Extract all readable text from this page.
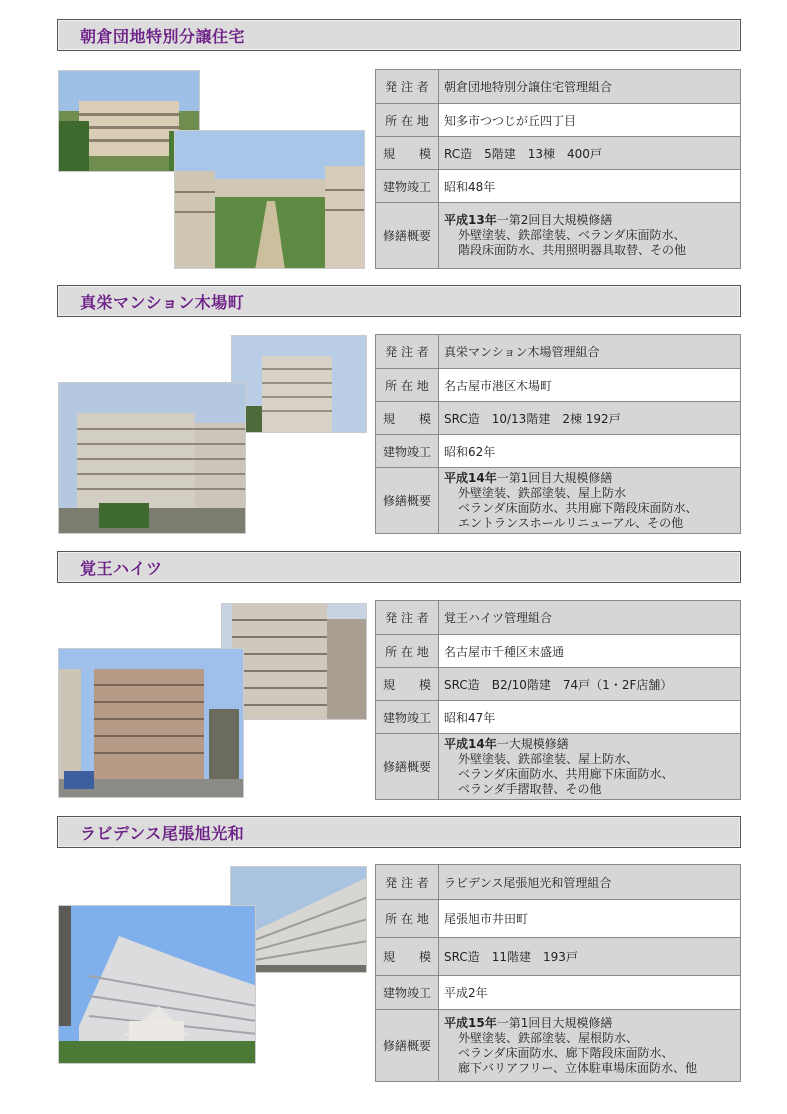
朝倉団地特別分譲住宅
発 注 者	朝倉団地特別分譲住宅管理組合
所 在 地	知多市つつじが丘四丁目
規　　模	RC造　5階建　13棟　400戸
建物竣工	昭和48年
修繕概要	平成13年一第2回目大規模修繕
外壁塗装、鉄部塗装、ベランダ床面防水、
階段床面防水、共用照明器具取替、その他
真栄マンション木場町
発 注 者	真栄マンション木場管理組合
所 在 地	名古屋市港区木場町
規　　模	SRC造　10/13階建　2棟 192戸
建物竣工	昭和62年
修繕概要	平成14年一第1回目大規模修繕
外壁塗装、鉄部塗装、屋上防水
ベランダ床面防水、共用廊下階段床面防水、
エントランスホールリニューアル、その他
覚王ハイツ
発 注 者	覚王ハイツ管理組合
所 在 地	名古屋市千種区末盛通
規　　模	SRC造　B2/10階建　74戸（1・2F店舗）
建物竣工	昭和47年
修繕概要	平成14年一大規模修繕
外壁塗装、鉄部塗装、屋上防水、
ベランダ床面防水、共用廊下床面防水、
ベランダ手摺取替、その他
ラビデンス尾張旭光和
発 注 者	ラビデンス尾張旭光和管理組合
所 在 地	尾張旭市井田町
規　　模	SRC造　11階建　193戸
建物竣工	平成2年
修繕概要	平成15年一第1回目大規模修繕
外壁塗装、鉄部塗装、屋根防水、
ベランダ床面防水、廊下階段床面防水、
廊下バリアフリー、立体駐車場床面防水、他
